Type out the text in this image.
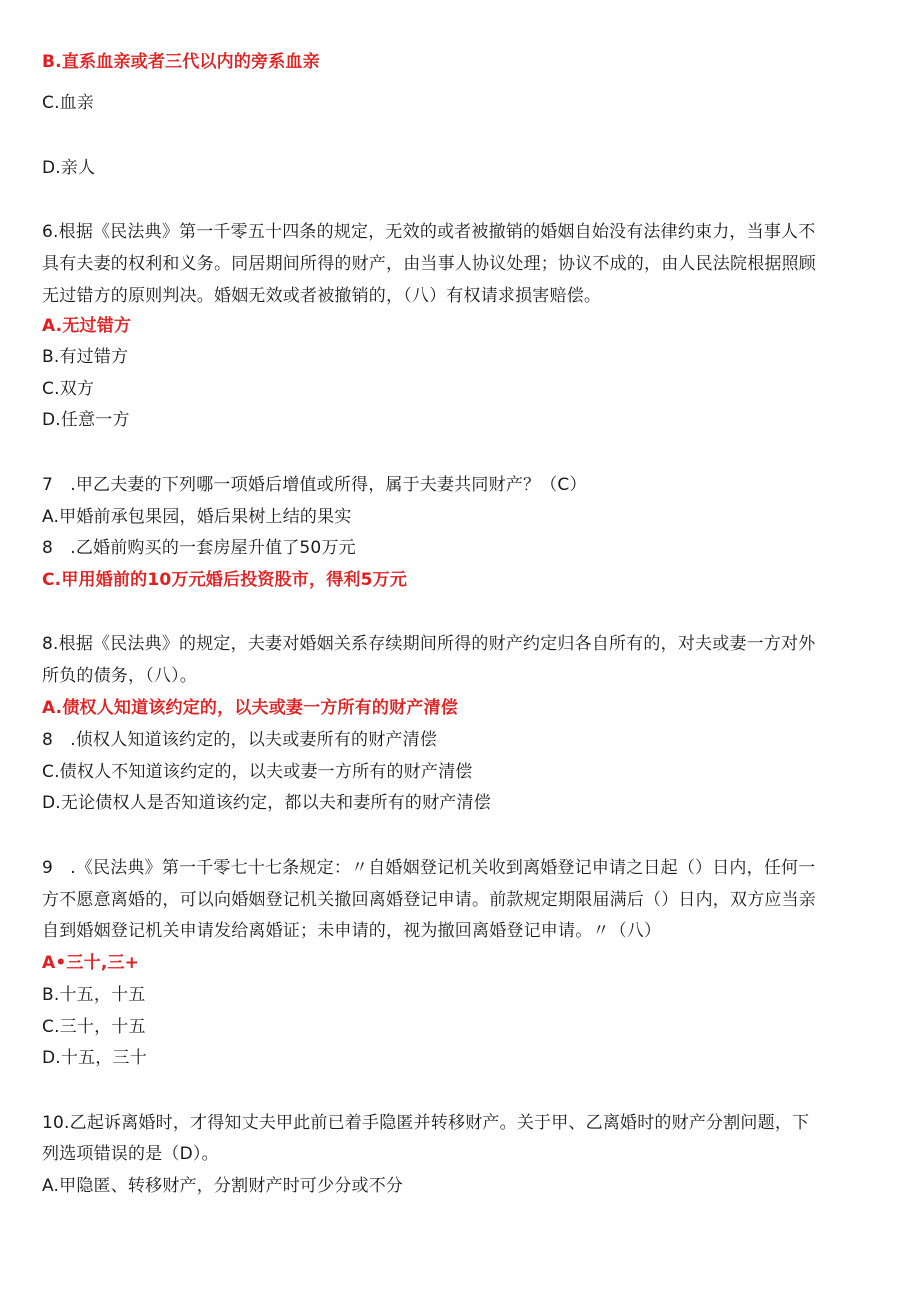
B.直系血亲或者三代以内的旁系血亲
C.血亲
D.亲人
6.根据《民法典》第一千零五十四条的规定，无效的或者被撤销的婚姻自始没有法律约束力，当事人不
具有夫妻的权利和义务。同居期间所得的财产，由当事人协议处理；协议不成的，由人民法院根据照顾
无过错方的原则判决。婚姻无效或者被撤销的，（八）有权请求损害赔偿。
A.无过错方
B.有过错方
C.双方
D.任意一方
7　.甲乙夫妻的下列哪一项婚后增值或所得，属于夫妻共同财产？（C）
A.甲婚前承包果园，婚后果树上结的果实
8　.乙婚前购买的一套房屋升值了50万元
C.甲用婚前的10万元婚后投资股市，得利5万元
8.根据《民法典》的规定，夫妻对婚姻关系存续期间所得的财产约定归各自所有的，对夫或妻一方对外
所负的债务，（八）。
A.债权人知道该约定的，以夫或妻一方所有的财产清偿
8　.侦权人知道该约定的，以夫或妻所有的财产清偿
C.债权人不知道该约定的，以夫或妻一方所有的财产清偿
D.无论债权人是否知道该约定，都以夫和妻所有的财产清偿
9　.《民法典》第一千零七十七条规定：〃自婚姻登记机关收到离婚登记申请之日起（）日内，任何一
方不愿意离婚的，可以向婚姻登记机关撤回离婚登记申请。前款规定期限届满后（）日内，双方应当亲
自到婚姻登记机关申请发给离婚证；未申请的，视为撤回离婚登记申请。〃（八）
A•三十,三+
B.十五，十五
C.三十，十五
D.十五，三十
10.乙起诉离婚时，才得知丈夫甲此前已着手隐匿并转移财产。关于甲、乙离婚时的财产分割问题，下
列选项错误的是（D）。
A.甲隐匿、转移财产，分割财产时可少分或不分
